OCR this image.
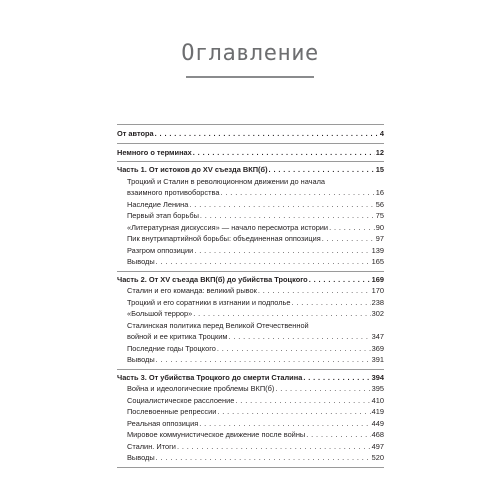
Оглавление
От автора . . .	4
Немного о терминах . . .	12
Часть 1. От истоков до XV съезда ВКП(б) . . .	15
Троцкий и Сталин в революционном движении до начала
взаимного противоборства . . .	16
Наследие Ленина . . .	56
Первый этап борьбы . . .	75
«Литературная дискуссия» — начало пересмотра истории . . .	90
Пик внутрипартийной борьбы: объединенная оппозиция . . .	97
Разгром оппозиции . . .	139
Выводы . . .	165
Часть 2. От XV съезда ВКП(б) до убийства Троцкого . . .	169
Сталин и его команда: великий рывок . . .	170
Троцкий и его соратники в изгнании и подполье . . .	238
«Большой террор» . . .	302
Сталинская политика перед Великой Отечественной
войной и ее критика Троцким . . .	347
Последние годы Троцкого . . .	369
Выводы . . .	391
Часть 3. От убийства Троцкого до смерти Сталина . . .	394
Война и идеологические проблемы ВКП(б) . . .	395
Социалистическое расслоение . . .	410
Послевоенные репрессии . . .	419
Реальная оппозиция . . .	449
Мировое коммунистическое движение после войны . . .	468
Сталин. Итоги . . .	497
Выводы . . .	520
